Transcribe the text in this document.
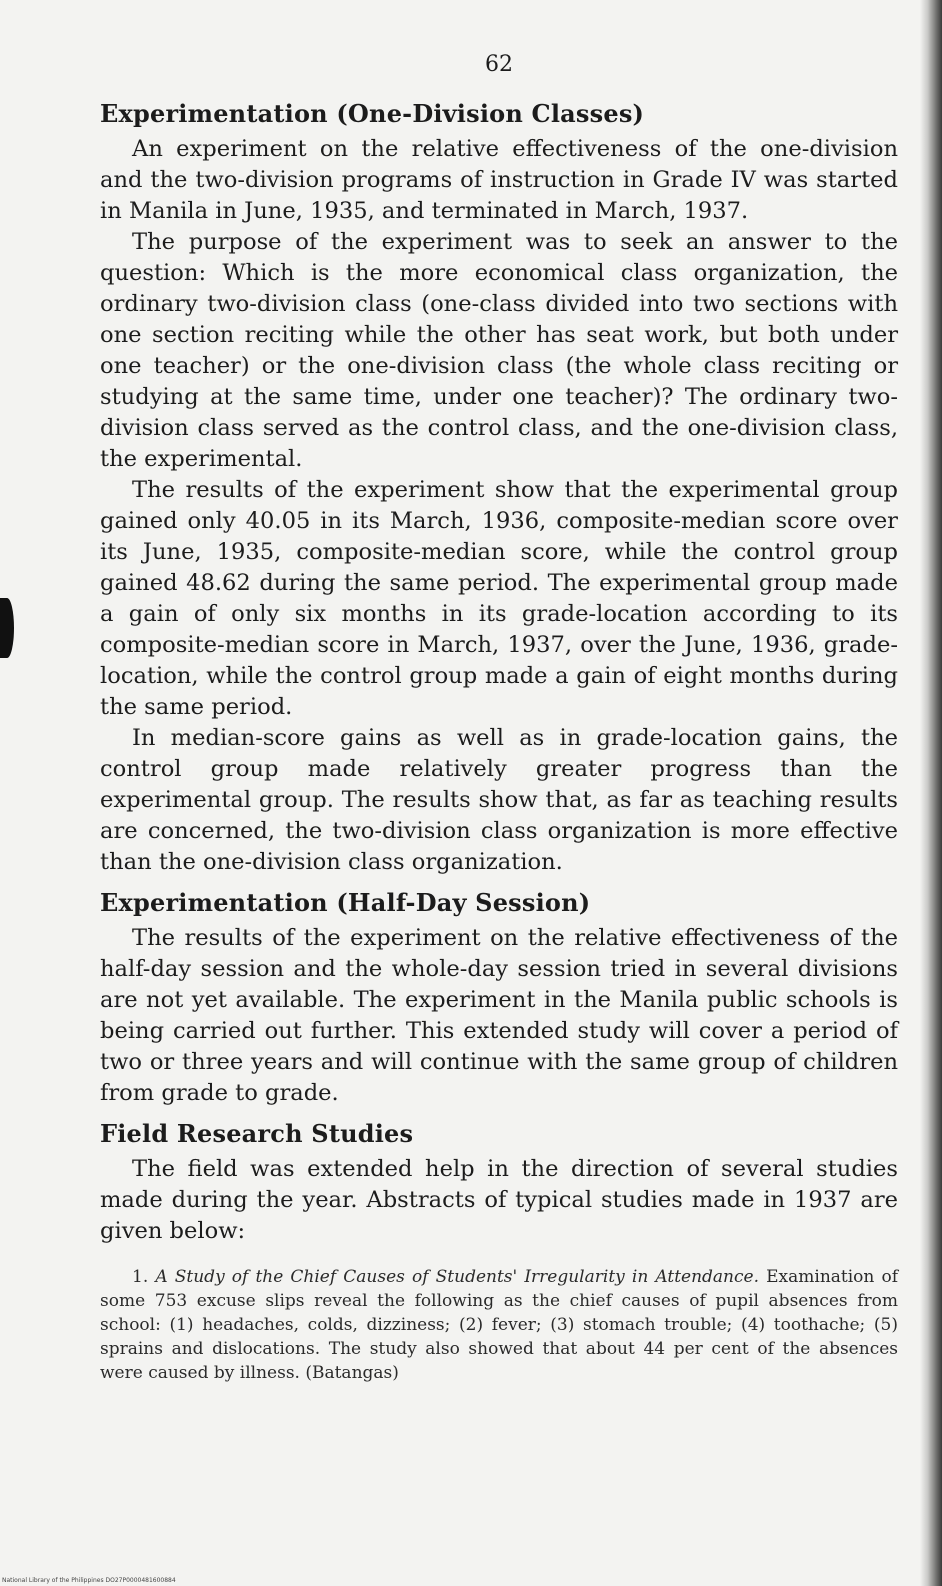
62
Experimentation (One-Division Classes)

An experiment on the relative effectiveness of the one-division and the two-division programs of instruction in Grade IV was started in Manila in June, 1935, and terminated in March, 1937.

The purpose of the experiment was to seek an answer to the question: Which is the more economical class organization, the ordinary two-division class (one-class divided into two sections with one section reciting while the other has seat work, but both under one teacher) or the one-division class (the whole class reciting or studying at the same time, under one teacher)? The ordinary two-division class served as the control class, and the one-division class, the experimental.

The results of the experiment show that the experimental group gained only 40.05 in its March, 1936, composite-median score over its June, 1935, composite-median score, while the control group gained 48.62 during the same period. The experimental group made a gain of only six months in its grade-location according to its composite-median score in March, 1937, over the June, 1936, grade-location, while the control group made a gain of eight months during the same period.

In median-score gains as well as in grade-location gains, the control group made relatively greater progress than the experimental group. The results show that, as far as teaching results are concerned, the two-division class organization is more effective than the one-division class organization.

Experimentation (Half-Day Session)

The results of the experiment on the relative effectiveness of the half-day session and the whole-day session tried in several divisions are not yet available. The experiment in the Manila public schools is being carried out further. This extended study will cover a period of two or three years and will continue with the same group of children from grade to grade.

Field Research Studies

The field was extended help in the direction of several studies made during the year. Abstracts of typical studies made in 1937 are given below:

1. A Study of the Chief Causes of Students' Irregularity in Attendance. Examination of some 753 excuse slips reveal the following as the chief causes of pupil absences from school: (1) headaches, colds, dizziness; (2) fever; (3) stomach trouble; (4) toothache; (5) sprains and dislocations. The study also showed that about 44 per cent of the absences were caused by illness. (Batangas)
National Library of the Philippines DO27P0000481600884
